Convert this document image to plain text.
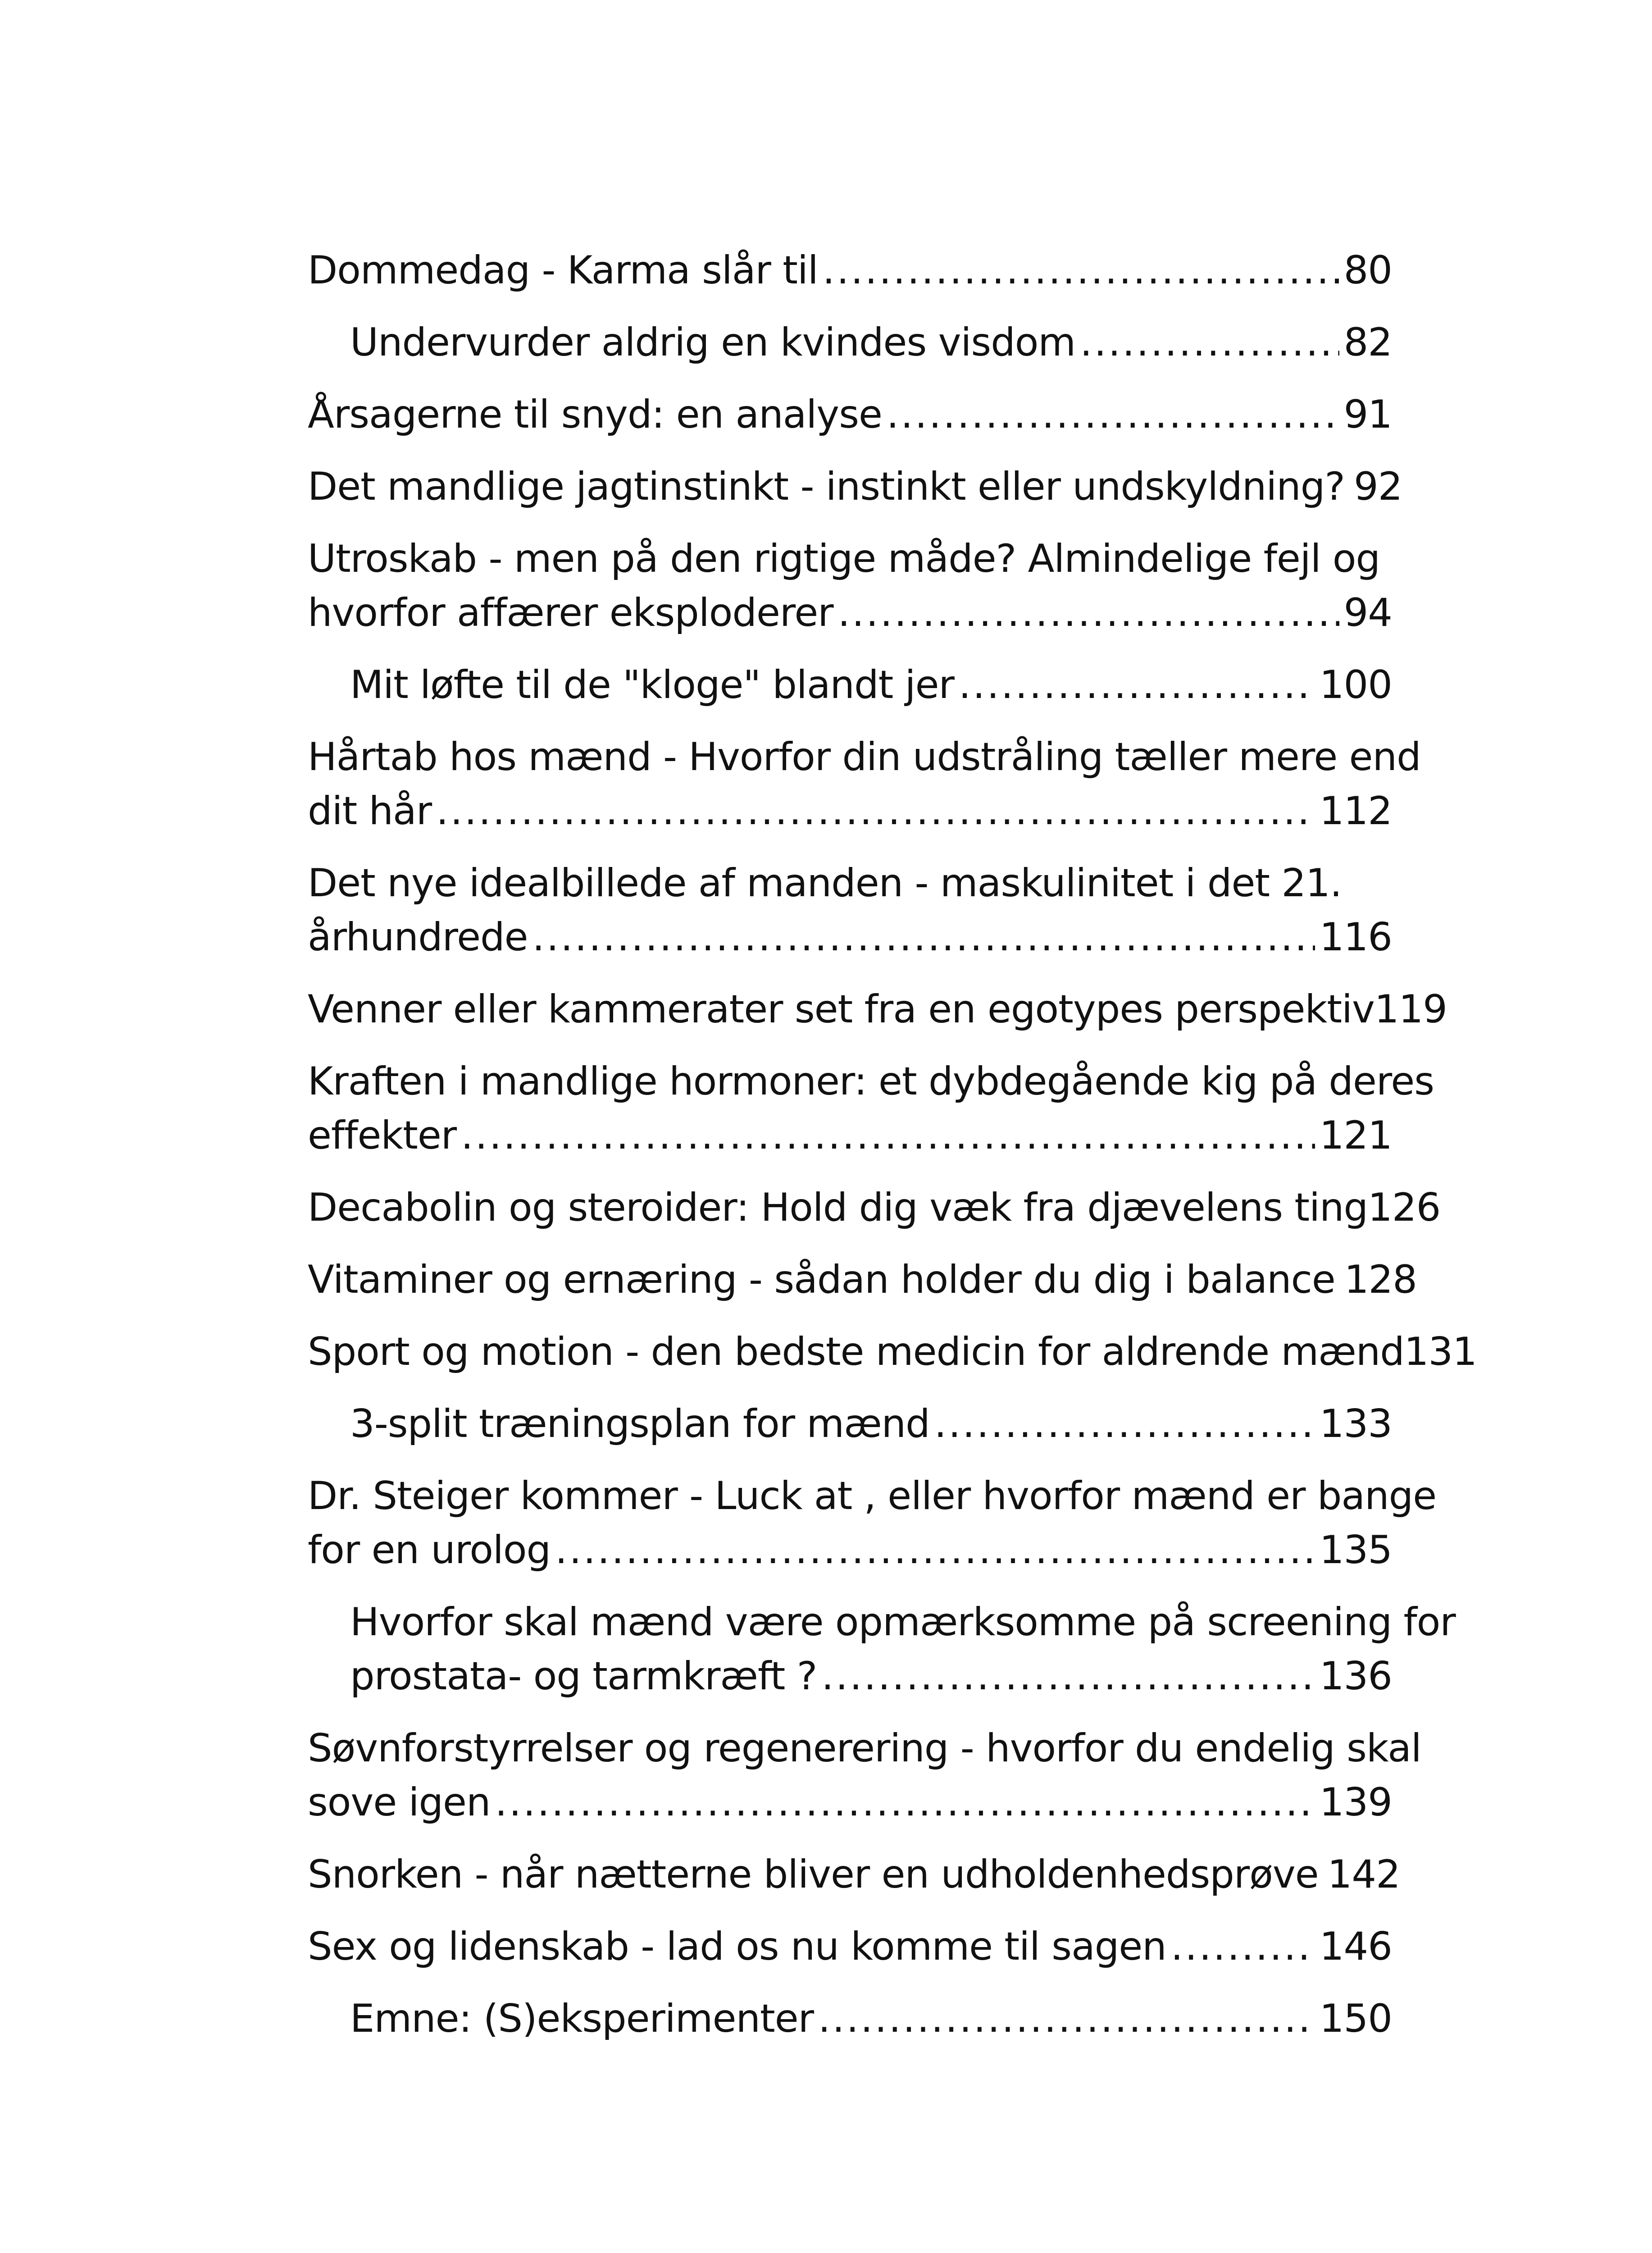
Dommedag - Karma slår til .....	80
Undervurder aldrig en kvindes visdom .....	82
Årsagerne til snyd: en analyse .....	91
Det mandlige jagtinstinkt - instinkt eller undskyldning? 92
Utroskab - men på den rigtige måde? Almindelige fejl og
hvorfor affærer eksploderer .....	94
Mit løfte til de "kloge" blandt jer .....	100
Hårtab hos mænd - Hvorfor din udstråling tæller mere end
dit hår .....	112
Det nye idealbillede af manden - maskulinitet i det 21.
århundrede .....	116
Venner eller kammerater set fra en egotypes perspektiv 119
Kraften i mandlige hormoner: et dybdegående kig på deres
effekter .....	121
Decabolin og steroider: Hold dig væk fra djævelens ting 126
Vitaminer og ernæring - sådan holder du dig i balance 128
Sport og motion - den bedste medicin for aldrende mænd 131
3-split træningsplan for mænd .....	133
Dr. Steiger kommer - Luck at , eller hvorfor mænd er bange
for en urolog .....	135
Hvorfor skal mænd være opmærksomme på screening for
prostata- og tarmkræft ? .....	136
Søvnforstyrrelser og regenerering - hvorfor du endelig skal
sove igen .....	139
Snorken - når nætterne bliver en udholdenhedsprøve 142
Sex og lidenskab - lad os nu komme til sagen .....	146
Emne: (S)eksperimenter .....	150
